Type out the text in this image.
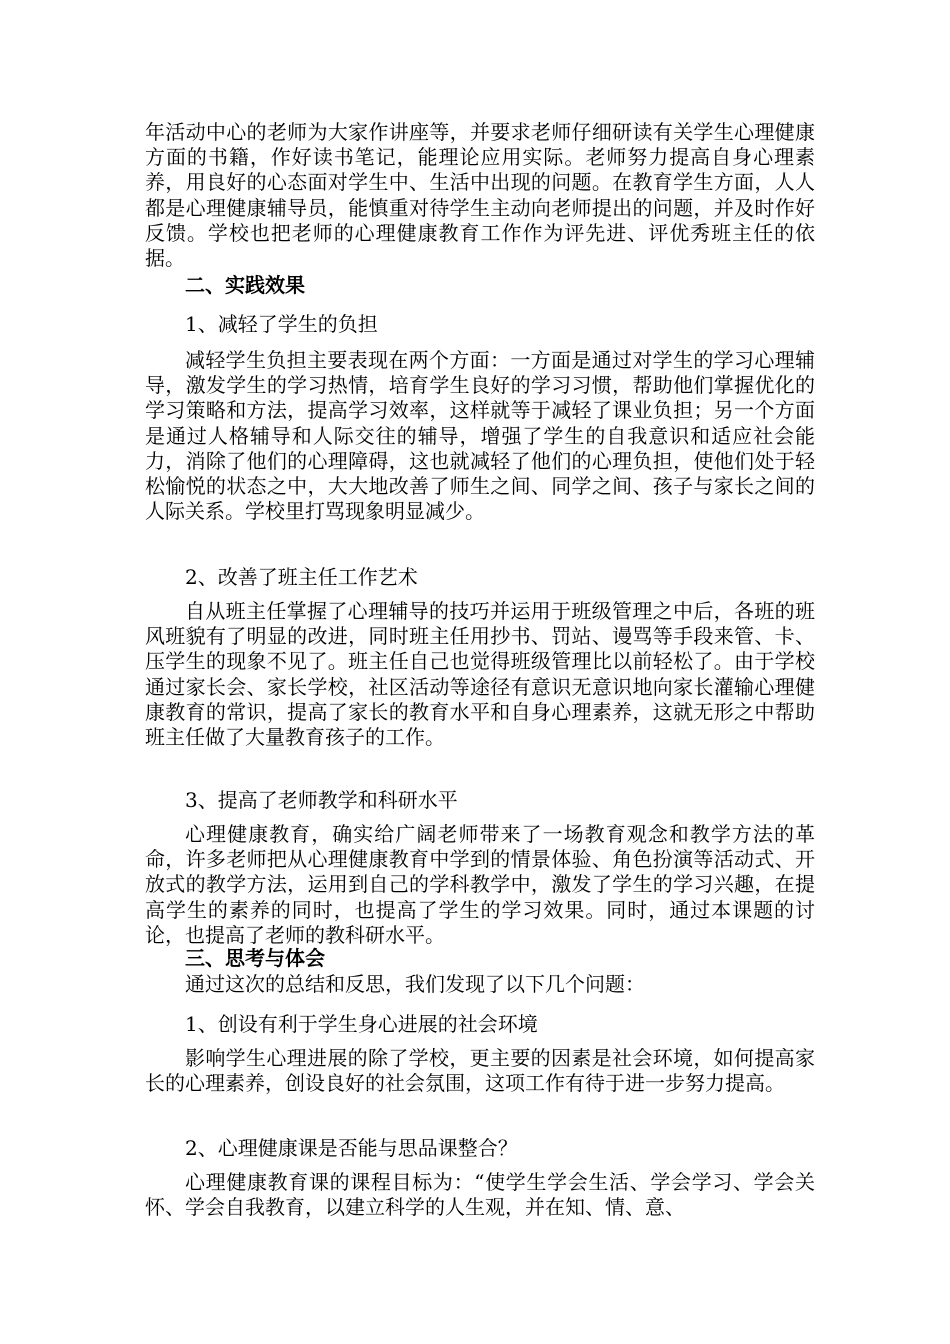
年活动中心的老师为大家作讲座等，并要求老师仔细研读有关学生心理健康方面的书籍，作好读书笔记，能理论应用实际。老师努力提高自身心理素养，用良好的心态面对学生中、生活中出现的问题。在教育学生方面，人人都是心理健康辅导员，能慎重对待学生主动向老师提出的问题，并及时作好反馈。学校也把老师的心理健康教育工作作为评先进、评优秀班主任的依据。

二、实践效果

1、减轻了学生的负担

减轻学生负担主要表现在两个方面：一方面是通过对学生的学习心理辅导，激发学生的学习热情，培育学生良好的学习习惯，帮助他们掌握优化的学习策略和方法，提高学习效率，这样就等于减轻了课业负担；另一个方面是通过人格辅导和人际交往的辅导，增强了学生的自我意识和适应社会能力，消除了他们的心理障碍，这也就减轻了他们的心理负担，使他们处于轻松愉悦的状态之中，大大地改善了师生之间、同学之间、孩子与家长之间的人际关系。学校里打骂现象明显减少。

2、改善了班主任工作艺术

自从班主任掌握了心理辅导的技巧并运用于班级管理之中后，各班的班风班貌有了明显的改进，同时班主任用抄书、罚站、谩骂等手段来管、卡、压学生的现象不见了。班主任自己也觉得班级管理比以前轻松了。由于学校通过家长会、家长学校，社区活动等途径有意识无意识地向家长灌输心理健康教育的常识，提高了家长的教育水平和自身心理素养，这就无形之中帮助班主任做了大量教育孩子的工作。

3、提高了老师教学和科研水平

心理健康教育，确实给广阔老师带来了一场教育观念和教学方法的革命，许多老师把从心理健康教育中学到的情景体验、角色扮演等活动式、开放式的教学方法，运用到自己的学科教学中，激发了学生的学习兴趣，在提高学生的素养的同时，也提高了学生的学习效果。同时，通过本课题的讨论，也提高了老师的教科研水平。

三、思考与体会

通过这次的总结和反思，我们发现了以下几个问题：

1、创设有利于学生身心进展的社会环境

影响学生心理进展的除了学校，更主要的因素是社会环境，如何提高家长的心理素养，创设良好的社会氛围，这项工作有待于进一步努力提高。

2、心理健康课是否能与思品课整合？

心理健康教育课的课程目标为：“使学生学会生活、学会学习、学会关怀、学会自我教育，以建立科学的人生观，并在知、情、意、
